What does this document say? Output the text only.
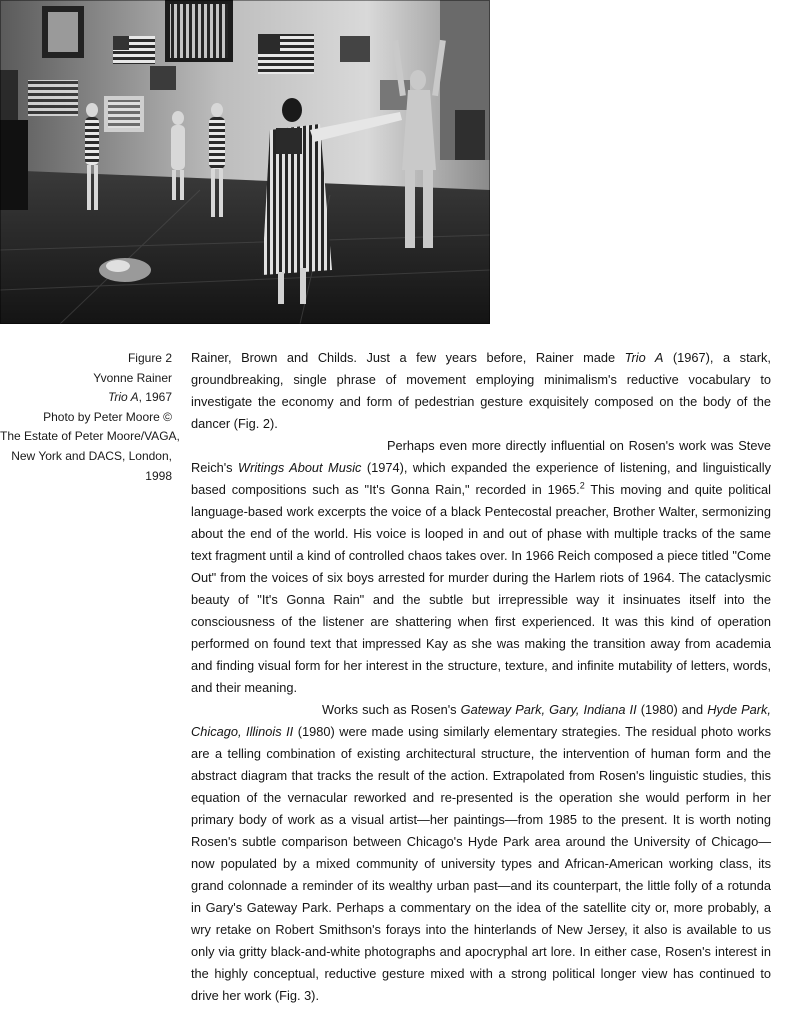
Figure 2
Yvonne Rainer
Trio A, 1967
Photo by Peter Moore ©
The Estate of Peter Moore/VAGA,
New York and DACS, London,
1998

Rainer, Brown and Childs. Just a few years before, Rainer made Trio A (1967), a stark, groundbreaking, single phrase of movement employing minimalism's reductive vocabulary to investigate the economy and form of pedestrian gesture exquisitely composed on the body of the dancer (Fig. 2).

Perhaps even more directly influential on Rosen's work was Steve Reich's Writings About Music (1974), which expanded the experience of listening, and linguistically based compositions such as "It's Gonna Rain," recorded in 1965.$^2$ This moving and quite political language-based work excerpts the voice of a black Pentecostal preacher, Brother Walter, sermonizing about the end of the world. His voice is looped in and out of phase with multiple tracks of the same text fragment until a kind of controlled chaos takes over. In 1966 Reich composed a piece titled "Come Out" from the voices of six boys arrested for murder during the Harlem riots of 1964. The cataclysmic beauty of "It's Gonna Rain" and the subtle but irrepressible way it insinuates itself into the consciousness of the listener are shattering when first experienced. It was this kind of operation performed on found text that impressed Kay as she was making the transition away from academia and finding visual form for her interest in the structure, texture, and infinite mutability of letters, words, and their meaning.

Works such as Rosen's Gateway Park, Gary, Indiana II (1980) and Hyde Park, Chicago, Illinois II (1980) were made using similarly elementary strategies. The residual photo works are a telling combination of existing architectural structure, the intervention of human form and the abstract diagram that tracks the result of the action. Extrapolated from Rosen's linguistic studies, this equation of the vernacular reworked and re-presented is the operation she would perform in her primary body of work as a visual artist—her paintings—from 1985 to the present. It is worth noting Rosen's subtle comparison between Chicago's Hyde Park area around the University of Chicago—now populated by a mixed community of university types and African-American working class, its grand colonnade a reminder of its wealthy urban past—and its counterpart, the little folly of a rotunda in Gary's Gateway Park. Perhaps a commentary on the idea of the satellite city or, more probably, a wry retake on Robert Smithson's forays into the hinterlands of New Jersey, it also is available to us only via gritty black-and-white photographs and apocryphal art lore. In either case, Rosen's interest in the highly conceptual, reductive gesture mixed with a strong political longer view has continued to drive her work (Fig. 3).
